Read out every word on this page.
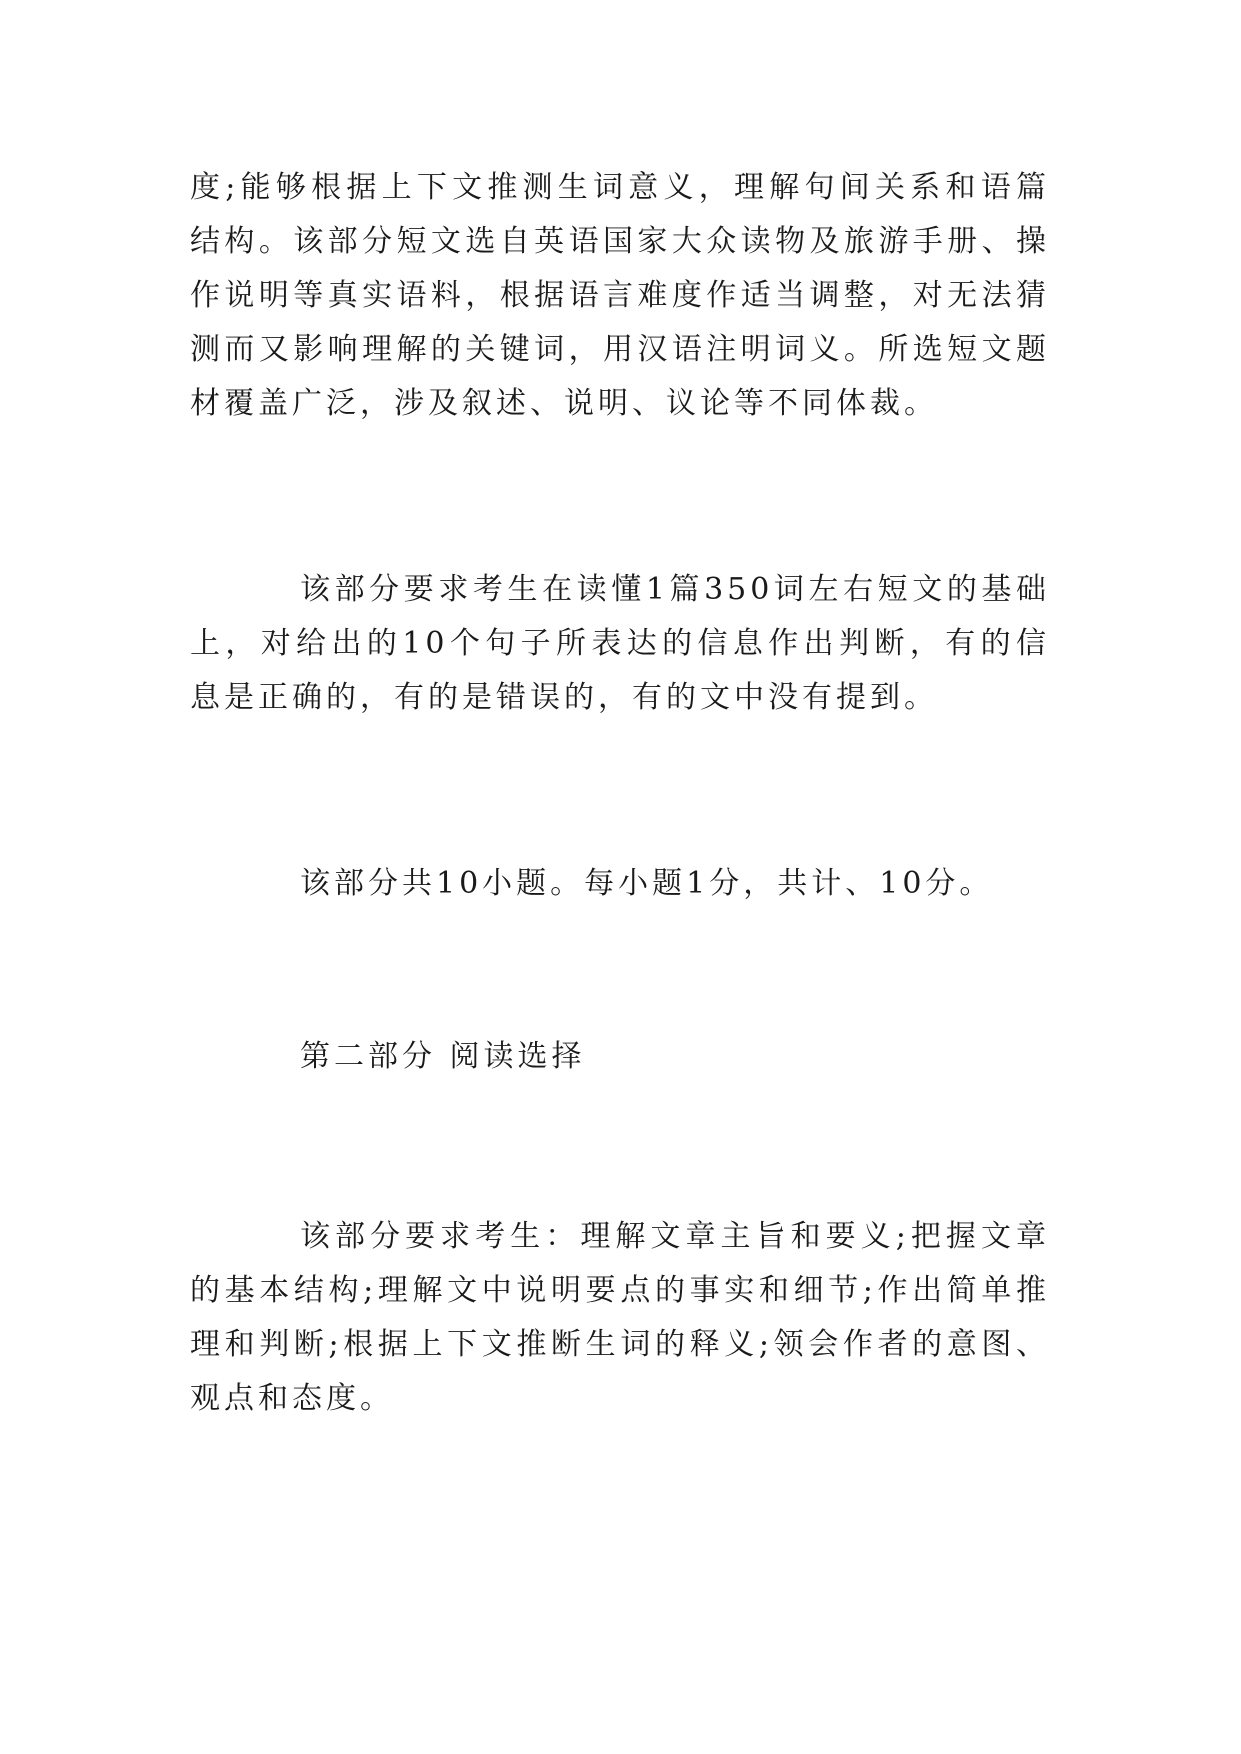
度;能够根据上下文推测生词意义，理解句间关系和语篇结构。该部分短文选自英语国家大众读物及旅游手册、操作说明等真实语料，根据语言难度作适当调整，对无法猜测而又影响理解的关键词，用汉语注明词义。所选短文题材覆盖广泛，涉及叙述、说明、议论等不同体裁。

该部分要求考生在读懂1篇350词左右短文的基础上，对给出的10个句子所表达的信息作出判断，有的信息是正确的，有的是错误的，有的文中没有提到。

该部分共10小题。每小题1分，共计、10分。

第二部分 阅读选择

该部分要求考生：理解文章主旨和要义;把握文章的基本结构;理解文中说明要点的事实和细节;作出简单推理和判断;根据上下文推断生词的释义;领会作者的意图、观点和态度。
